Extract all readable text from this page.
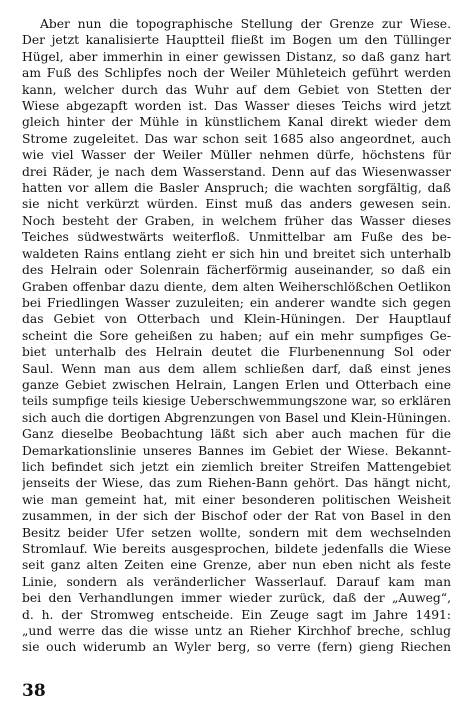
Aber nun die topographische Stellung der Grenze zur Wiese.
Der jetzt kanalisierte Hauptteil fließt im Bogen um den Tüllinger
Hügel, aber immerhin in einer gewissen Distanz, so daß ganz hart
am Fuß des Schlipfes noch der Weiler Mühleteich geführt werden
kann, welcher durch das Wuhr auf dem Gebiet von Stetten der
Wiese abgezapft worden ist. Das Wasser dieses Teichs wird jetzt
gleich hinter der Mühle in künstlichem Kanal direkt wieder dem
Strome zugeleitet. Das war schon seit 1685 also angeordnet, auch
wie viel Wasser der Weiler Müller nehmen dürfe, höchstens für
drei Räder, je nach dem Wasserstand. Denn auf das Wiesenwasser
hatten vor allem die Basler Anspruch; die wachten sorgfältig, daß
sie nicht verkürzt würden. Einst muß das anders gewesen sein.
Noch besteht der Graben, in welchem früher das Wasser dieses
Teiches südwestwärts weiterfloß. Unmittelbar am Fuße des be-
waldeten Rains entlang zieht er sich hin und breitet sich unterhalb
des Helrain oder Solenrain fächerförmig auseinander, so daß ein
Graben offenbar dazu diente, dem alten Weiherschlößchen Oetlikon
bei Friedlingen Wasser zuzuleiten; ein anderer wandte sich gegen
das Gebiet von Otterbach und Klein-Hüningen. Der Hauptlauf
scheint die Sore geheißen zu haben; auf ein mehr sumpfiges Ge-
biet unterhalb des Helrain deutet die Flurbenennung Sol oder
Saul. Wenn man aus dem allem schließen darf, daß einst jenes
ganze Gebiet zwischen Helrain, Langen Erlen und Otterbach eine
teils sumpfige teils kiesige Ueberschwemmungszone war, so erklären
sich auch die dortigen Abgrenzungen von Basel und Klein-Hüningen.
Ganz dieselbe Beobachtung läßt sich aber auch machen für die
Demarkationslinie unseres Bannes im Gebiet der Wiese. Bekannt-
lich befindet sich jetzt ein ziemlich breiter Streifen Mattengebiet
jenseits der Wiese, das zum Riehen-Bann gehört. Das hängt nicht,
wie man gemeint hat, mit einer besonderen politischen Weisheit
zusammen, in der sich der Bischof oder der Rat von Basel in den
Besitz beider Ufer setzen wollte, sondern mit dem wechselnden
Stromlauf. Wie bereits ausgesprochen, bildete jedenfalls die Wiese
seit ganz alten Zeiten eine Grenze, aber nun eben nicht als feste
Linie, sondern als veränderlicher Wasserlauf. Darauf kam man
bei den Verhandlungen immer wieder zurück, daß der „Auweg“,
d. h. der Stromweg entscheide. Ein Zeuge sagt im Jahre 1491:
„und werre das die wisse untz an Rieher Kirchhof breche, schlug
sie ouch widerumb an Wyler berg, so verre (fern) gieng Riechen
38
